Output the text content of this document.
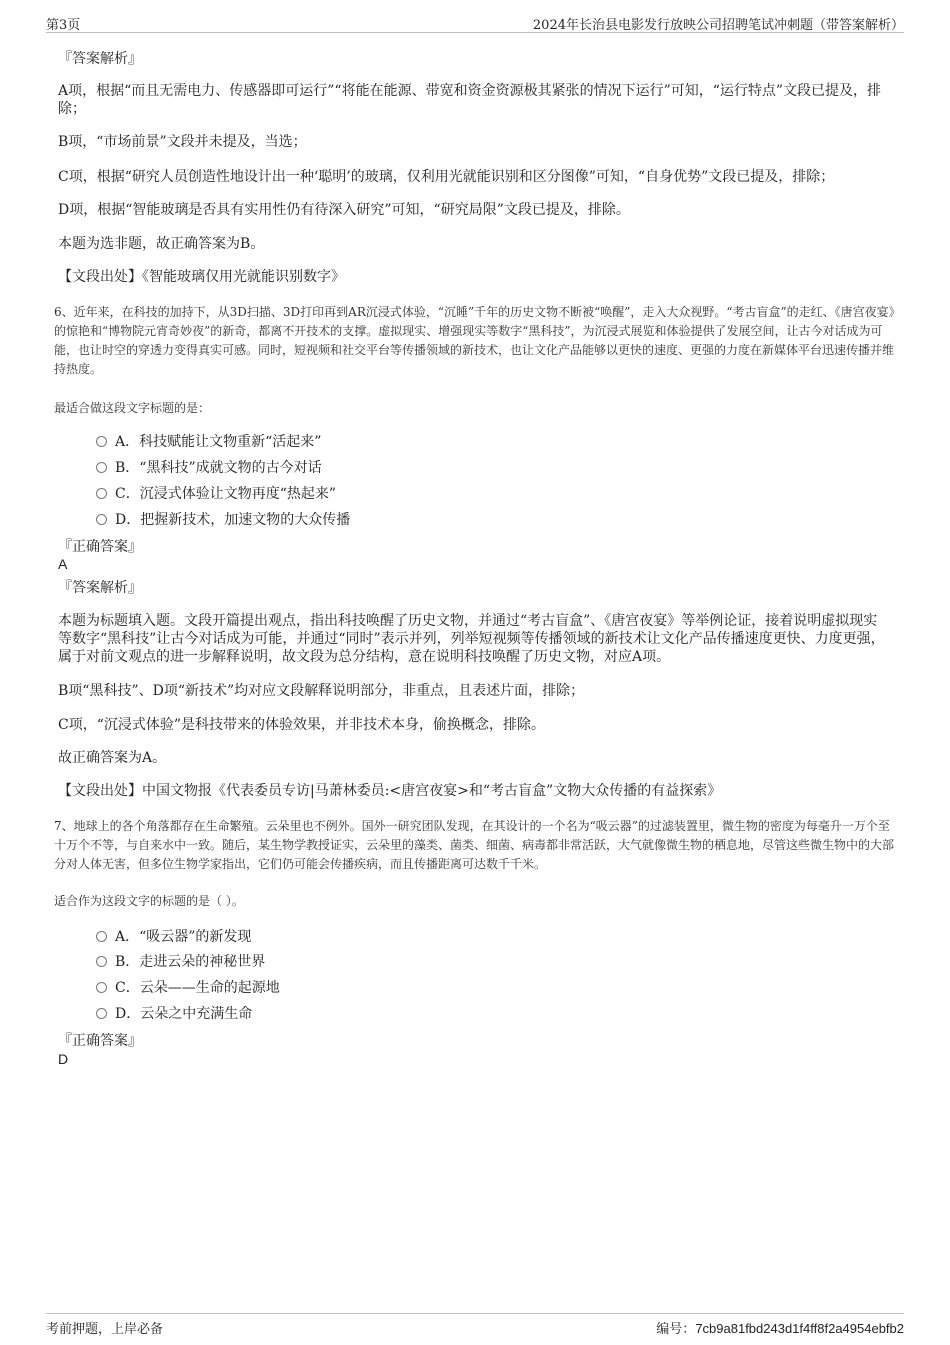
第3页	2024年长治县电影发行放映公司招聘笔试冲刺题（带答案解析）
『答案解析』
A项，根据“而且无需电力、传感器即可运行”“将能在能源、带宽和资金资源极其紧张的情况下运行”可知，“运行特点”文段已提及，排除；
B项，“市场前景”文段并未提及，当选；
C项，根据“研究人员创造性地设计出一种‘聪明’的玻璃，仅利用光就能识别和区分图像”可知，“自身优势”文段已提及，排除；
D项，根据“智能玻璃是否具有实用性仍有待深入研究”可知，“研究局限”文段已提及，排除。
本题为选非题，故正确答案为B。
【文段出处】《智能玻璃仅用光就能识别数字》
6、近年来，在科技的加持下，从3D扫描、3D打印再到AR沉浸式体验，“沉睡”千年的历史文物不断被“唤醒”，走入大众视野。“考古盲盒”的走红、《唐宫夜宴》的惊艳和“博物院元宵奇妙夜”的新奇，都离不开技术的支撑。虚拟现实、增强现实等数字“黑科技”，为沉浸式展览和体验提供了发展空间，让古今对话成为可能，也让时空的穿透力变得真实可感。同时，短视频和社交平台等传播领域的新技术，也让文化产品能够以更快的速度、更强的力度在新媒体平台迅速传播并维持热度。
最适合做这段文字标题的是：
A．科技赋能让文物重新“活起来”
B．“黑科技”成就文物的古今对话
C．沉浸式体验让文物再度“热起来”
D．把握新技术，加速文物的大众传播
『正确答案』
A
『答案解析』
本题为标题填入题。文段开篇提出观点，指出科技唤醒了历史文物，并通过“考古盲盒”、《唐宫夜宴》等举例论证，接着说明虚拟现实等数字“黑科技”让古今对话成为可能，并通过“同时”表示并列，列举短视频等传播领域的新技术让文化产品传播速度更快、力度更强，属于对前文观点的进一步解释说明，故文段为总分结构，意在说明科技唤醒了历史文物，对应A项。
B项“黑科技”、D项“新技术”均对应文段解释说明部分，非重点，且表述片面，排除；
C项，“沉浸式体验”是科技带来的体验效果，并非技术本身，偷换概念，排除。
故正确答案为A。
【文段出处】中国文物报《代表委员专访|马萧林委员:<唐宫夜宴>和“考古盲盒”文物大众传播的有益探索》
7、地球上的各个角落都存在生命繁殖。云朵里也不例外。国外一研究团队发现，在其设计的一个名为“吸云器”的过滤装置里，微生物的密度为每毫升一万个至十万个不等，与自来水中一致。随后，某生物学教授证实，云朵里的藻类、菌类、细菌、病毒都非常活跃，大气就像微生物的栖息地，尽管这些微生物中的大部分对人体无害，但多位生物学家指出，它们仍可能会传播疾病，而且传播距离可达数千千米。
适合作为这段文字的标题的是（ ）。
A．“吸云器”的新发现
B．走进云朵的神秘世界
C．云朵——生命的起源地
D．云朵之中充满生命
『正确答案』
D
考前押题，上岸必备	编号：7cb9a81fbd243d1f4ff8f2a4954ebfb2
